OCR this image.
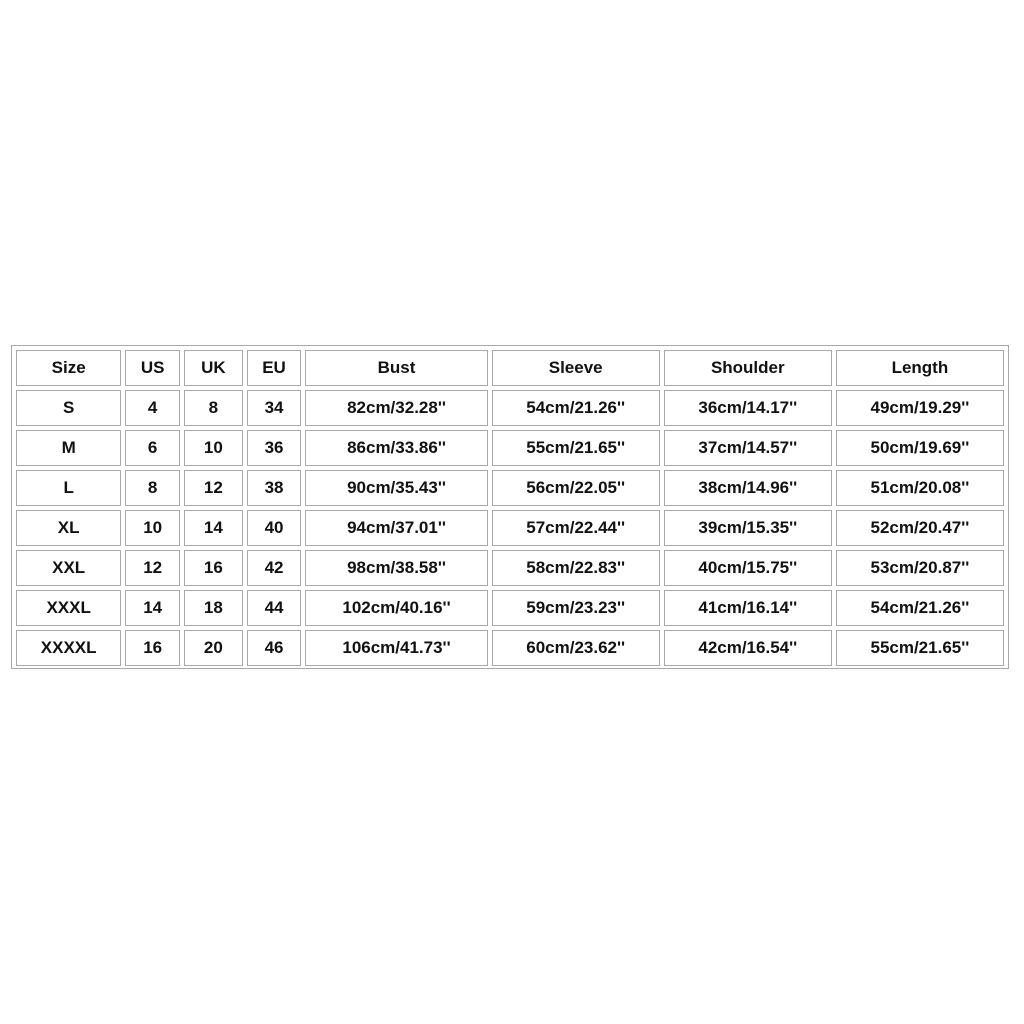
Size	US	UK	EU	Bust	Sleeve	Shoulder	Length
S	4	8	34	82cm/32.28''	54cm/21.26''	36cm/14.17''	49cm/19.29''
M	6	10	36	86cm/33.86''	55cm/21.65''	37cm/14.57''	50cm/19.69''
L	8	12	38	90cm/35.43''	56cm/22.05''	38cm/14.96''	51cm/20.08''
XL	10	14	40	94cm/37.01''	57cm/22.44''	39cm/15.35''	52cm/20.47''
XXL	12	16	42	98cm/38.58''	58cm/22.83''	40cm/15.75''	53cm/20.87''
XXXL	14	18	44	102cm/40.16''	59cm/23.23''	41cm/16.14''	54cm/21.26''
XXXXL	16	20	46	106cm/41.73''	60cm/23.62''	42cm/16.54''	55cm/21.65''
